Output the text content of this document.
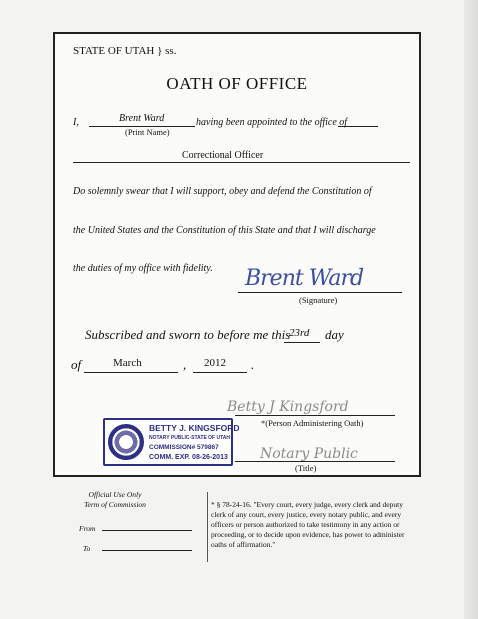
STATE OF UTAH } ss.
OATH OF OFFICE
I,	Brent Ward	having been appointed to the office of
(Print Name)
Correctional Officer
Do solemnly swear that I will support, obey and defend the Constitution of
the United States and the Constitution of this State and that I will discharge
the duties of my office with fidelity. Brent Ward
(Signature)
Subscribed and sworn to before me this
23rd day
of	March	, 2012 .
Betty J Kingsford
*(Person Administering Oath)
Notary Public
(Title)
BETTY J. KINGSFORD
NOTARY PUBLIC-STATE OF UTAH
COMMISSION# 579867
COMM. EXP. 08-26-2013
Official Use Only
Term of Commission
From
To
* § 78-24-16. "Every court, every judge, every clerk and deputy clerk of any court, every justice, every notary public, and every officers or person authorized to take testimony in any action or proceeding, or to decide upon evidence, has power to administer oaths of affirmation."
